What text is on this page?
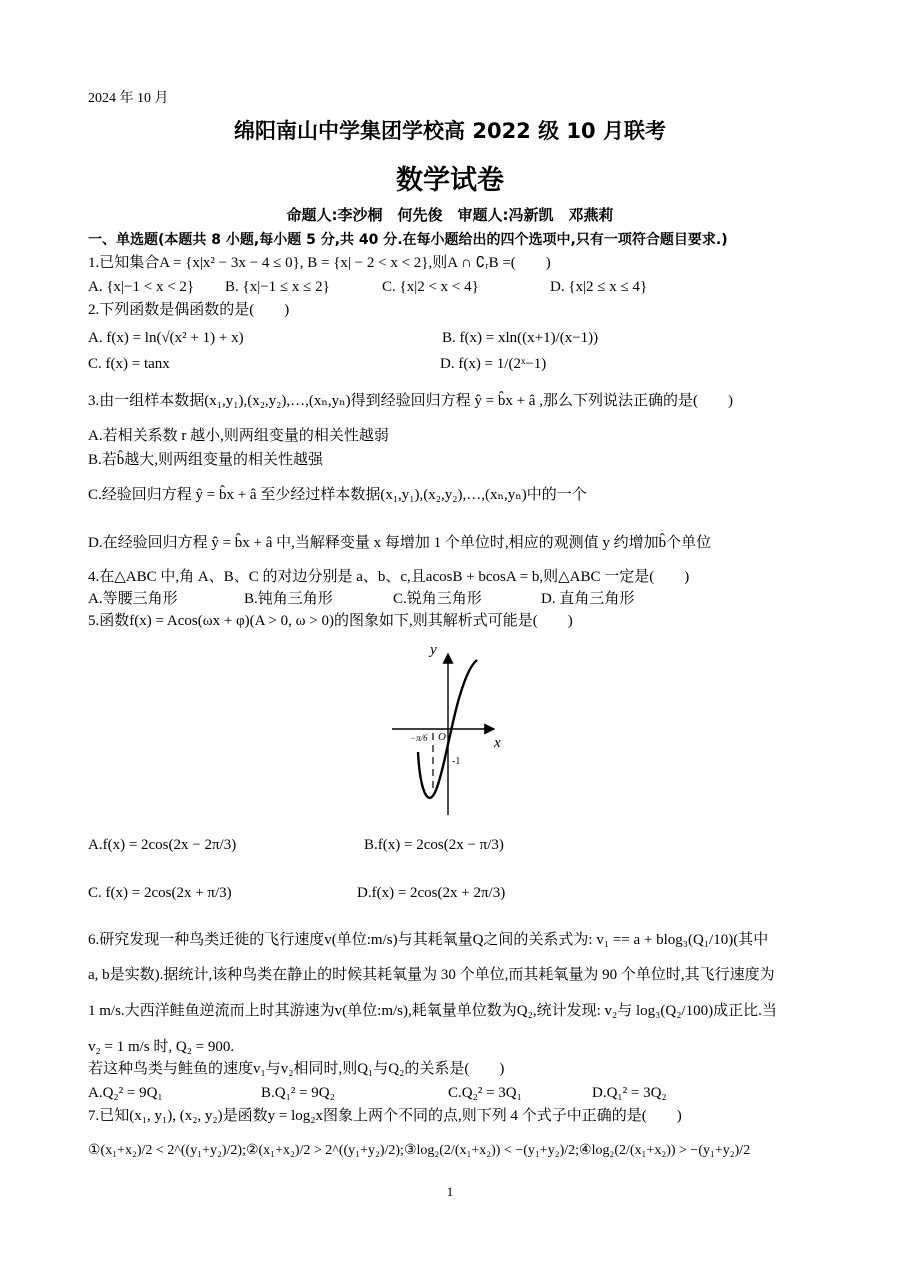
2024 年 10 月
绵阳南山中学集团学校高 2022 级 10 月联考
数学试卷
命题人:李沙桐　何先俊　审题人:冯新凯　邓燕莉
一、单选题(本题共 8 小题,每小题 5 分,共 40 分.在每小题给出的四个选项中,只有一项符合题目要求.)
1.已知集合A = {x|x² − 3x − 4 ≤ 0}, B = {x| − 2 < x < 2},则A ∩ ∁ᵣB =(　　)
A. {x|−1 < x < 2} B. {x|−1 ≤ x ≤ 2}	C. {x|2 < x < 4}	D. {x|2 ≤ x ≤ 4}
2.下列函数是偶函数的是(　　)
A. f(x) = ln(√(x² + 1) + x)	B. f(x) = xln((x+1)/(x−1))
C. f(x) = tanx	D. f(x) = 1/(2ˣ−1)
3.由一组样本数据(x₁,y₁),(x₂,y₂),…,(xₙ,yₙ)得到经验回归方程 ŷ = b̂x + â ,那么下列说法正确的是(　　)
A.若相关系数 r 越小,则两组变量的相关性越弱
B.若b̂越大,则两组变量的相关性越强
C.经验回归方程 ŷ = b̂x + â 至少经过样本数据(x₁,y₁),(x₂,y₂),…,(xₙ,yₙ)中的一个
D.在经验回归方程 ŷ = b̂x + â 中,当解释变量 x 每增加 1 个单位时,相应的观测值 y 约增加b̂个单位
4.在△ABC 中,角 A、B、C 的对边分别是 a、b、c,且acosB + bcosA = b,则△ABC 一定是(　　)
A.等腰三角形	B.钝角三角形	C.锐角三角形	D. 直角三角形
5.函数f(x) = Acos(ωx + φ)(A > 0, ω > 0)的图象如下,则其解析式可能是(　　)
y
x
O
−π/6
-1
A.f(x) = 2cos(2x − 2π/3)	B.f(x) = 2cos(2x − π/3)
C. f(x) = 2cos(2x + π/3)	D.f(x) = 2cos(2x + 2π/3)
6.研究发现一种鸟类迁徙的飞行速度v(单位:m/s)与其耗氧量Q之间的关系式为: v₁ == a + blog₃(Q₁/10)(其中
a, b是实数).据统计,该种鸟类在静止的时候其耗氧量为 30 个单位,而其耗氧量为 90 个单位时,其飞行速度为
1 m/s.大西洋鲑鱼逆流而上时其游速为v(单位:m/s),耗氧量单位数为Q₂,统计发现: v₂与 log₃(Q₂/100)成正比.当
v₂ = 1 m/s 时, Q₂ = 900.
若这种鸟类与鲑鱼的速度v₁与v₂相同时,则Q₁与Q₂的关系是(　　)
A.Q₂² = 9Q₁	B.Q₁² = 9Q₂	C.Q₂² = 3Q₁	D.Q₁² = 3Q₂
7.已知(x₁, y₁), (x₂, y₂)是函数y = log₂x图象上两个不同的点,则下列 4 个式子中正确的是(　　)
①(x₁+x₂)/2 < 2^((y₁+y₂)/2);②(x₁+x₂)/2 > 2^((y₁+y₂)/2);③log₂(2/(x₁+x₂)) < −(y₁+y₂)/2;④log₂(2/(x₁+x₂)) > −(y₁+y₂)/2
1
